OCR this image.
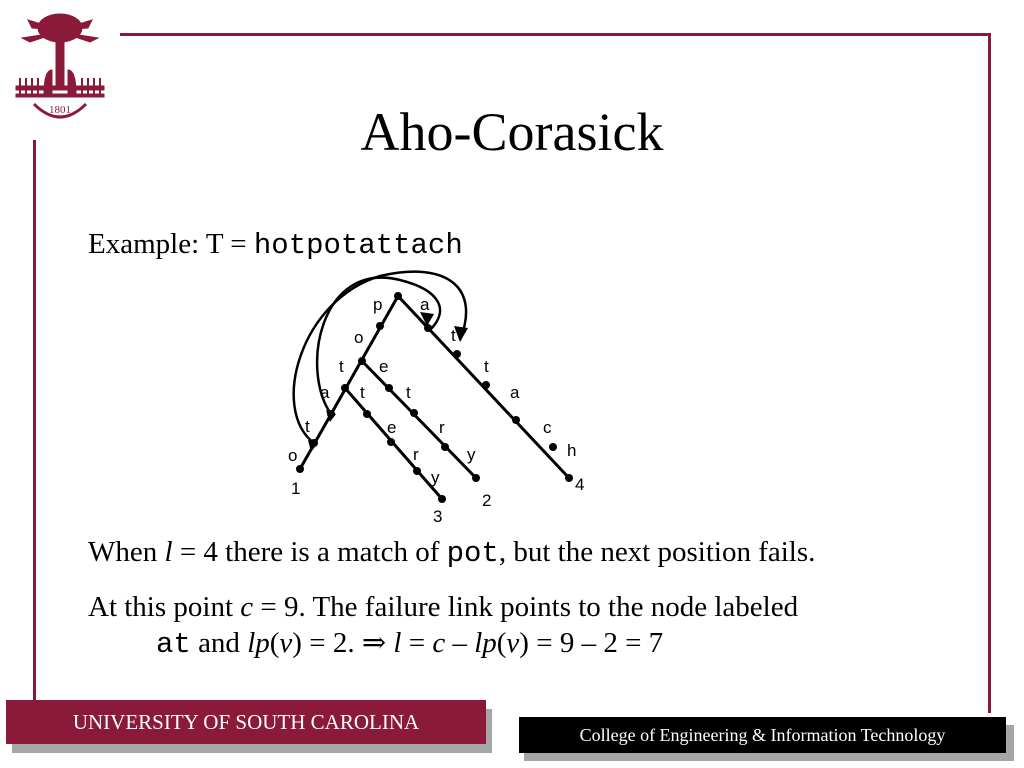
1801	Aho-Corasick
Example: T = hotpotattach
p a
o	t
t e	t
a	a
t t
c
t	e	r
h
o	r	y
y
1
2
3
4
When l = 4 there is a match of pot, but the next position fails.
At this point c = 9. The failure link points to the node labeled
at and lp(v) = 2. ⇒ l = c – lp(v) = 9 – 2 = 7
UNIVERSITY OF SOUTH CAROLINA
College of Engineering & Information Technology
